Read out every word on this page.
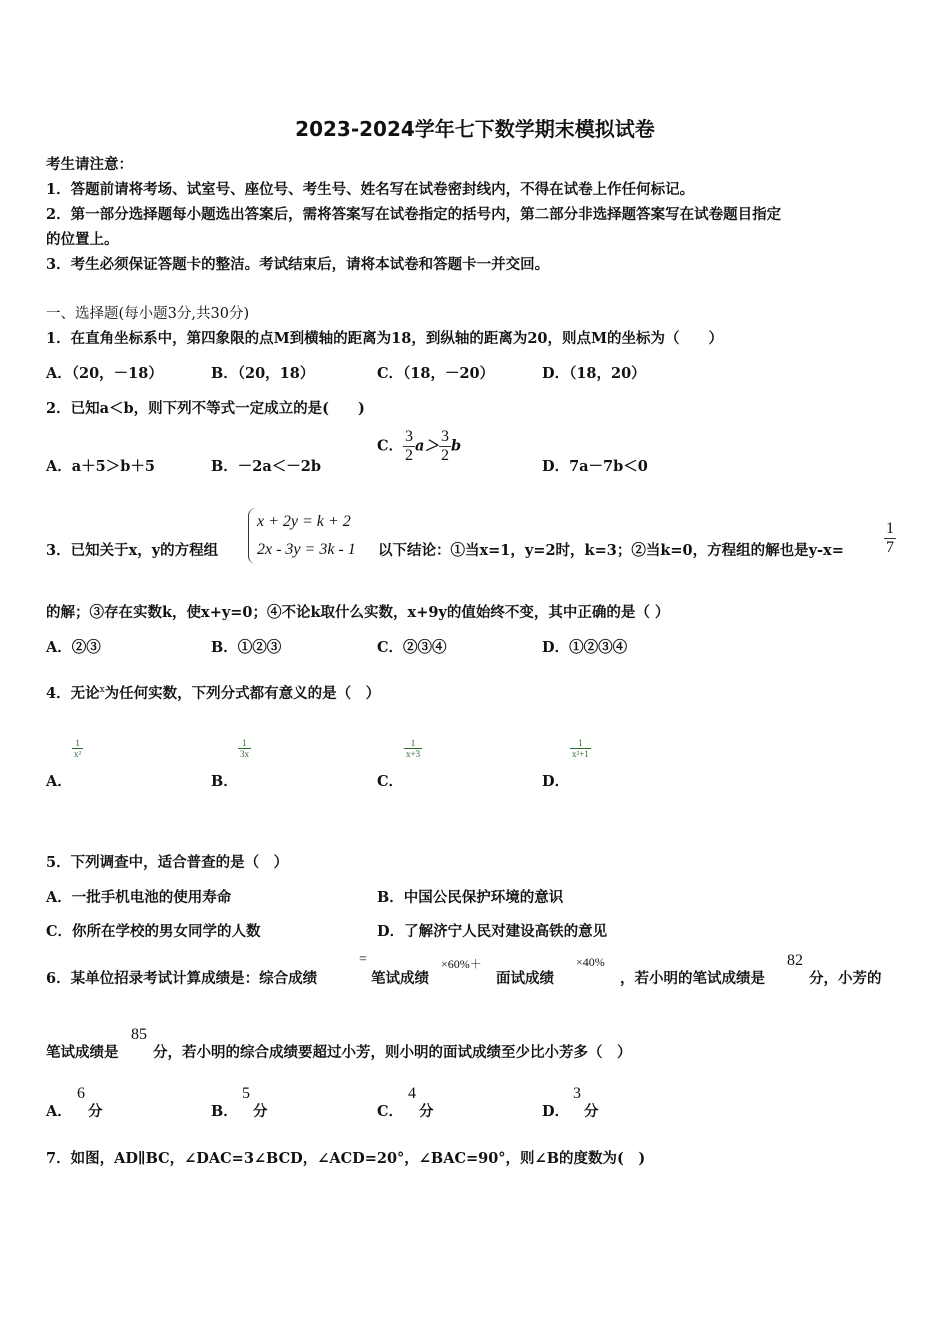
2023-2024学年七下数学期末模拟试卷
考生请注意：
1．答题前请将考场、试室号、座位号、考生号、姓名写在试卷密封线内，不得在试卷上作任何标记。
2．第一部分选择题每小题选出答案后，需将答案写在试卷指定的括号内，第二部分非选择题答案写在试卷题目指定
的位置上。
3．考生必须保证答题卡的整洁。考试结束后，请将本试卷和答题卡一并交回。
一、选择题(每小题3分,共30分)
1．在直角坐标系中，第四象限的点M到横轴的距离为18，到纵轴的距离为20，则点M的坐标为（　　）
A．（20，－18）	B．（20，18）	C．（18，－20）	D．（18，20）
2．已知a＜b，则下列不等式一定成立的是(　　)
A．a＋5＞b＋5	B．－2a＜－2b
C． $\frac{3}{2} a> \frac{3}{2}$ b
D．7a－7b＜0
3．已知关于x，y的方程组
x + 2y = k + 2
2x - 3y = 3k - 1 以下结论：①当x=1，y=2时，k=3；②当k=0，方程组的解也是y-x=	$\frac{1}{7}$
的解；③存在实数k，使x+y=0；④不论k取什么实数，x+9y的值始终不变，其中正确的是（ ）
A．②③	B．①②③	C．②③④	D．①②③④
4．无论$^x$为任何实数，下列分式都有意义的是（　）
A．
$\frac{1}{\text{x²}}$
B．
$\frac{1}{3x}$
C．
$\frac{1}{x+3}$
D．
$\frac{1}{\text{x²+1}}$
5．下列调查中，适合普查的是（　）
A．一批手机电池的使用寿命	B．中国公民保护环境的意识
C．你所在学校的男女同学的人数	D．了解济宁人民对建设高铁的意见
6．某单位招录考试计算成绩是：综合成绩
=
笔试成绩
×60%＋
面试成绩
×40%
，若小明的笔试成绩是
82
分，小芳的
笔试成绩是
85
分，若小明的综合成绩要超过小芳，则小明的面试成绩至少比小芳多（　）
A．
6
分	B．
5
分	C．
4
分	D．
3
分
7．如图，AD∥BC，∠DAC=3∠BCD，∠ACD=20°，∠BAC=90°，则∠B的度数为(　)
